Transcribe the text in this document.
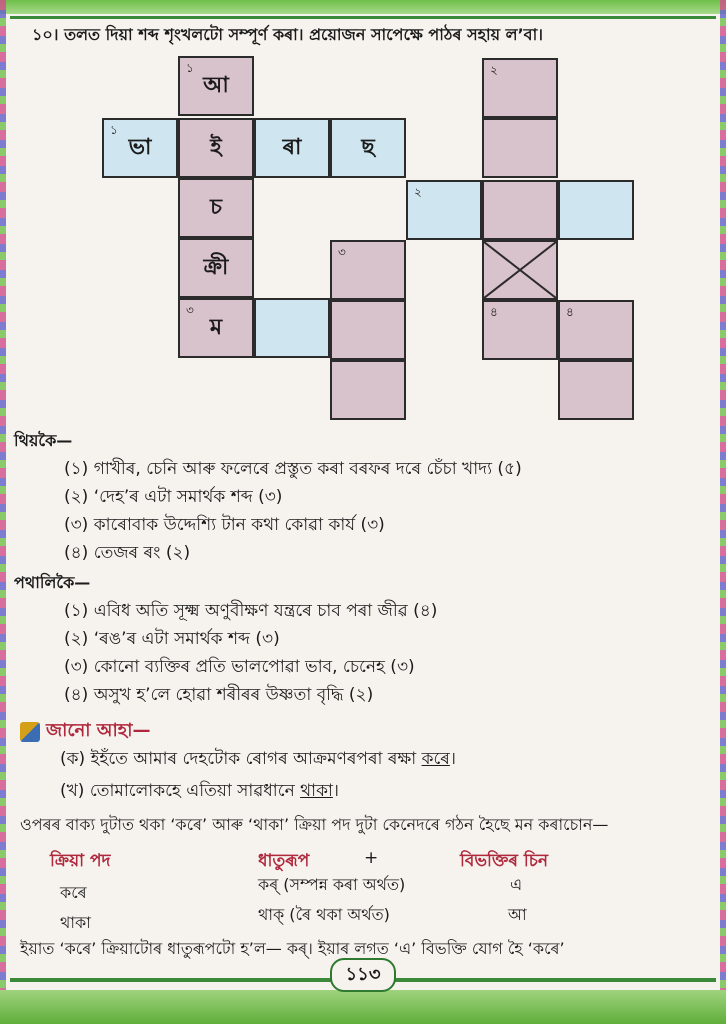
১০। তলত দিয়া শব্দ শৃংখলটো সম্পূৰ্ণ কৰা। প্ৰয়োজন সাপেক্ষে পাঠৰ সহায় ল’বা।
১
আ
১
ভা	ই	ৰা	ছ
চ
ক্ৰী
৩
ম
৩
২
২
৪	৪
থিয়কৈ—
(১) গাখীৰ, চেনি আৰু ফলেৰে প্ৰস্তুত কৰা বৰফৰ দৰে চেঁচা খাদ্য (৫)
(২) ‘দেহ’ৰ এটা সমাৰ্থক শব্দ (৩)
(৩) কাৰোবাক উদ্দেশ্যি টান কথা কোৱা কাৰ্য (৩)
(৪) তেজৰ ৰং (২)
পথালিকৈ—
(১) এবিধ অতি সূক্ষ্ম অণুবীক্ষণ যন্ত্ৰৰে চাব পৰা জীৱ (৪)
(২) ‘ৰঙ’ৰ এটা সমাৰ্থক শব্দ (৩)
(৩) কোনো ব্যক্তিৰ প্ৰতি ভালপোৱা ভাব, চেনেহ (৩)
(৪) অসুখ হ’লে হোৱা শৰীৰৰ উষ্ণতা বৃদ্ধি (২)
জানো আহা—
(ক) ইহঁতে আমাৰ দেহটোক ৰোগৰ আক্ৰমণৰপৰা ৰক্ষা কৰে।
(খ) তোমালোকহে এতিয়া সাৱধানে থাকা।
ওপৰৰ বাক্য দুটাত থকা ‘কৰে’ আৰু ‘থাকা’ ক্ৰিয়া পদ দুটা কেনেদৰে গঠন হৈছে মন কৰাচোন—
ক্ৰিয়া পদ	ধাতুৰূপ	+	বিভক্তিৰ চিন
কৰে	কৰ্ (সম্পন্ন কৰা অৰ্থত)	এ
থাকা	থাক্ (ৰৈ থকা অৰ্থত)	আ
ইয়াত ‘কৰে’ ক্ৰিয়াটোৰ ধাতুৰূপটো হ’ল— কৰ্। ইয়াৰ লগত ‘এ’ বিভক্তি যোগ হৈ ‘কৰে’
১১৩
